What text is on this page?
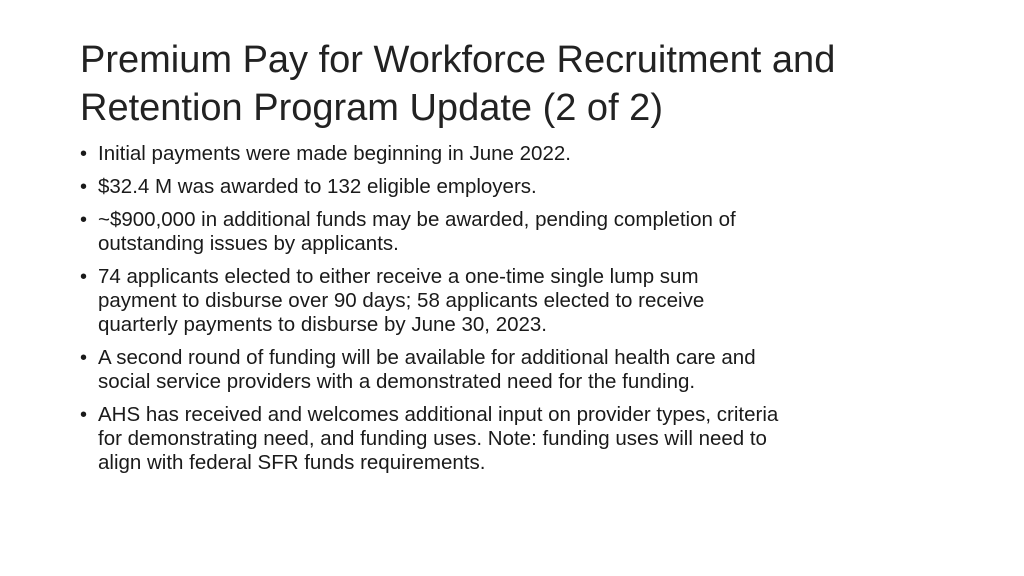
Premium Pay for Workforce Recruitment and
Retention Program Update (2 of 2)
• Initial payments were made beginning in June 2022.
• $32.4 M was awarded to 132 eligible employers.
• ~$900,000 in additional funds may be awarded, pending completion of
outstanding issues by applicants.
• 74 applicants elected to either receive a one-time single lump sum
payment to disburse over 90 days; 58 applicants elected to receive
quarterly payments to disburse by June 30, 2023.
• A second round of funding will be available for additional health care and
social service providers with a demonstrated need for the funding.
• AHS has received and welcomes additional input on provider types, criteria
for demonstrating need, and funding uses. Note: funding uses will need to
align with federal SFR funds requirements.
